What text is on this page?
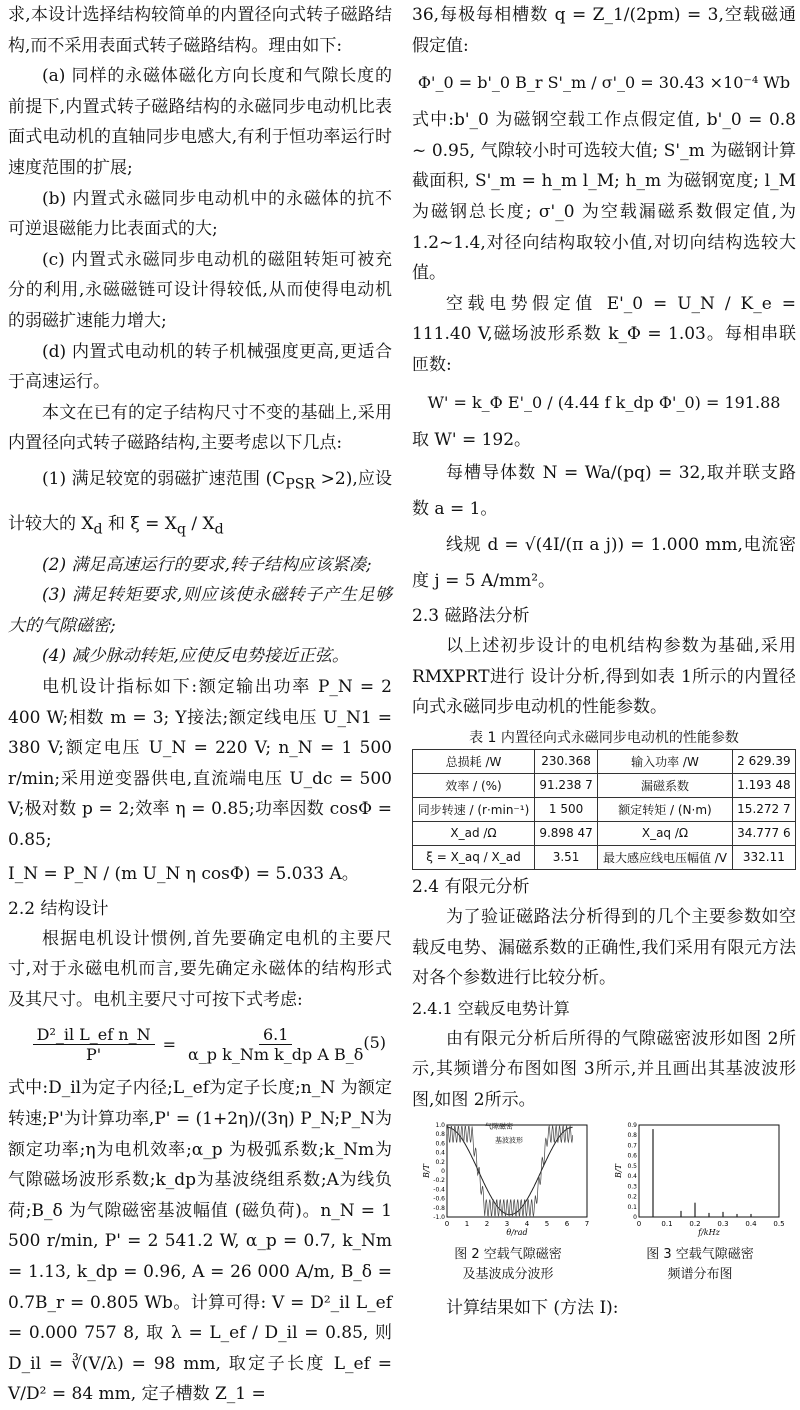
求,本设计选择结构较简单的内置径向式转子磁路结构,而不采用表面式转子磁路结构。理由如下:

(a) 同样的永磁体磁化方向长度和气隙长度的前提下,内置式转子磁路结构的永磁同步电动机比表面式电动机的直轴同步电感大,有利于恒功率运行时速度范围的扩展;

(b) 内置式永磁同步电动机中的永磁体的抗不可逆退磁能力比表面式的大;

(c) 内置式永磁同步电动机的磁阻转矩可被充分的利用,永磁磁链可设计得较低,从而使得电动机的弱磁扩速能力增大;

(d) 内置式电动机的转子机械强度更高,更适合于高速运行。

本文在已有的定子结构尺寸不变的基础上,采用内置径向式转子磁路结构,主要考虑以下几点:

(1) 满足较宽的弱磁扩速范围 $(C_{PSR} >2)$,应设计较大的 $X_d$ 和 $\xi = X_q / X_d$

(2) 满足高速运行的要求,转子结构应该紧凑;

(3) 满足转矩要求,则应该使永磁转子产生足够大的气隙磁密;

(4) 减少脉动转矩,应使反电势接近正弦。

电机设计指标如下:额定输出功率 P_N = 2 400 W;相数 m = 3; Y接法;额定线电压 U_N1 = 380 V;额定电压 U_N = 220 V; n_N = 1 500 r/min;采用逆变器供电,直流端电压 U_dc = 500 V;极对数 p = 2;效率 η = 0.85;功率因数 cosΦ = 0.85;

I_N = P_N / (m U_N η cosΦ) = 5.033 A。

2.2 结构设计

根据电机设计惯例,首先要确定电机的主要尺寸,对于永磁电机而言,要先确定永磁体的结构形式及其尺寸。电机主要尺寸可按下式考虑:

$\frac{\text{D²\_il L\_ef n\_N}}{P'} = \frac{6.1}{\text{α\_p k\_Nm k\_dp A B\_δ}}$
(5)

式中:D_il为定子内径;L_ef为定子长度;n_N 为额定转速;P'为计算功率,P' = (1+2η)/(3η) P_N;P_N为额定功率;η为电机效率;α_p 为极弧系数;k_Nm为气隙磁场波形系数;k_dp为基波绕组系数;A为线负荷;B_δ 为气隙磁密基波幅值 (磁负荷)。n_N = 1 500 r/min, P' = 2 541.2 W, α_p = 0.7, k_Nm = 1.13, k_dp = 0.96, A = 26 000 A/m, B_δ = 0.7B_r = 0.805 Wb。计算可得: V = D²_il L_ef = 0.000 757 8, 取 λ = L_ef / D_il = 0.85, 则 D_il = ∛(V/λ) = 98 mm, 取定子长度 L_ef = V/D² = 84 mm, 定子槽数 Z_1 =

36,每极每相槽数 q = Z_1/(2pm) = 3,空载磁通假定值:

Φ'_0 = b'_0 B_r S'_m / σ'_0 = 30.43 ×10⁻⁴ Wb

式中:b'_0 为磁钢空载工作点假定值, b'_0 = 0.8 ~ 0.95, 气隙较小时可选较大值; S'_m 为磁钢计算截面积, S'_m = h_m l_M; h_m 为磁钢宽度; l_M 为磁钢总长度; σ'_0 为空载漏磁系数假定值,为 1.2~1.4,对径向结构取较小值,对切向结构选较大值。

空载电势假定值 E'_0 = U_N / K_e = 111.40 V,磁场波形系数 k_Φ = 1.03。每相串联匝数:

W' = k_Φ E'_0 / (4.44 f k_dp Φ'_0) = 191.88

取 W' = 192。

每槽导体数 N = Wa/(pq) = 32,取并联支路数 a = 1。

线规 d = √(4I/(π a j)) = 1.000 mm,电流密度 j = 5 A/mm²。

2.3 磁路法分析

以上述初步设计的电机结构参数为基础,采用 RMXPRT进行 设计分析,得到如表 1所示的内置径向式永磁同步电动机的性能参数。

表 1 内置径向式永磁同步电动机的性能参数
总损耗 /W	230.368	输入功率 /W	2 629.39
效率 / (%)	91.238 7	漏磁系数	1.193 48
同步转速 / (r·min⁻¹)	1 500	额定转矩 / (N·m)	15.272 7
X_ad /Ω	9.898 47	X_aq /Ω	34.777 6
ξ = X_aq / X_ad	3.51	最大感应线电压幅值 /V	332.11

2.4 有限元分析

为了验证磁路法分析得到的几个主要参数如空载反电势、漏磁系数的正确性,我们采用有限元方法对各个参数进行比较分析。

2.4.1 空载反电势计算

由有限元分析后所得的气隙磁密波形如图 2所示,其频谱分布图如图 3所示,并且画出其基波波形图,如图 2所示。

0 1 2 3 4 5 6 7
1.0
0.8
0.6
0.4
0.2
0
-0.2
-0.4
-0.6
-0.8
-1.0
θ/rad
B/T
气隙磁密
基波波形
图 2 空载气隙磁密
及基波成分波形
0	0.1 0.2 0.3 0.4 0.5
0.9
0.8
0.7
0.6
0.5
0.4
0.3
0.2
0.1
0
f/kHz
B/T
图 3 空载气隙磁密
频谱分布图

计算结果如下 (方法 I):
